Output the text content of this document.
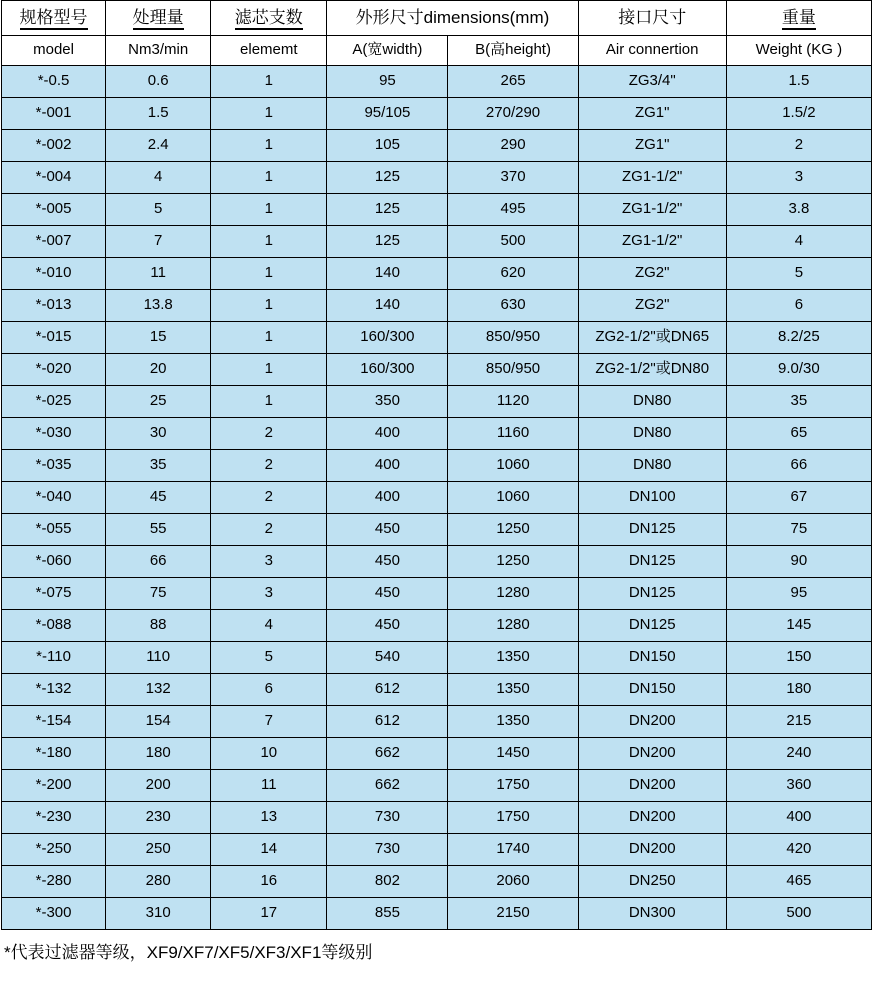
规格型号	处理量	滤芯支数	外形尺寸dimensions(mm)		接口尺寸	重量
model	Nm3/min	elememt	A(宽width)	B(高height)	Air connertion	Weight (KG )
*-0.5	0.6	1	95	265	ZG3/4"	1.5
*-001	1.5	1	95/105	270/290	ZG1"	1.5/2
*-002	2.4	1	105	290	ZG1"	2
*-004	4	1	125	370	ZG1-1/2"	3
*-005	5	1	125	495	ZG1-1/2"	3.8
*-007	7	1	125	500	ZG1-1/2"	4
*-010	11	1	140	620	ZG2"	5
*-013	13.8	1	140	630	ZG2"	6
*-015	15	1	160/300	850/950	ZG2-1/2"或DN65	8.2/25
*-020	20	1	160/300	850/950	ZG2-1/2"或DN80	9.0/30
*-025	25	1	350	1120	DN80	35
*-030	30	2	400	1160	DN80	65
*-035	35	2	400	1060	DN80	66
*-040	45	2	400	1060	DN100	67
*-055	55	2	450	1250	DN125	75
*-060	66	3	450	1250	DN125	90
*-075	75	3	450	1280	DN125	95
*-088	88	4	450	1280	DN125	145
*-110	110	5	540	1350	DN150	150
*-132	132	6	612	1350	DN150	180
*-154	154	7	612	1350	DN200	215
*-180	180	10	662	1450	DN200	240
*-200	200	11	662	1750	DN200	360
*-230	230	13	730	1750	DN200	400
*-250	250	14	730	1740	DN200	420
*-280	280	16	802	2060	DN250	465
*-300	310	17	855	2150	DN300	500
*代表过滤器等级，XF9/XF7/XF5/XF3/XF1等级别
